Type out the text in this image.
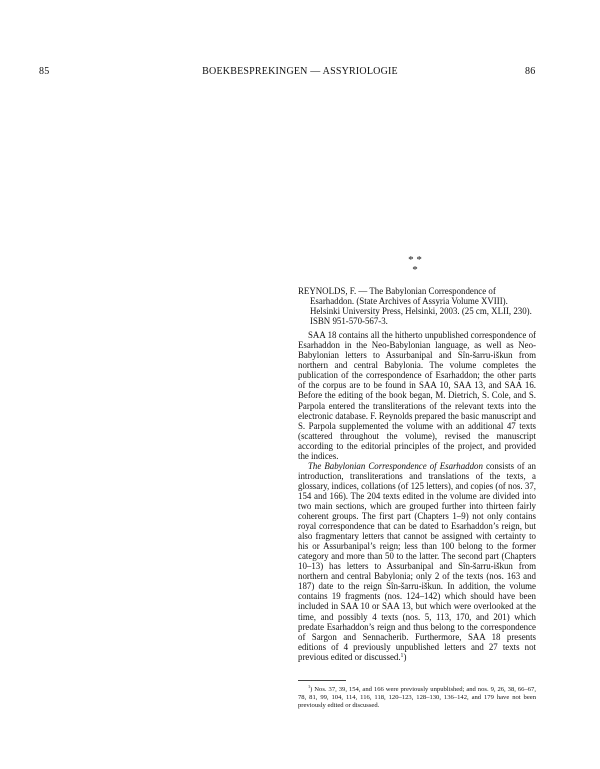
85	BOEKBESPREKINGEN — ASSYRIOLOGIE	86
* *
*

REYNOLDS, F. — The Babylonian Correspondence of Esarhaddon. (State Archives of Assyria Volume XVIII). Helsinki University Press, Helsinki, 2003. (25 cm, XLII, 230). ISBN 951-570-567-3.

SAA 18 contains all the hitherto unpublished correspondence of Esarhaddon in the Neo-Babylonian language, as well as Neo-Babylonian letters to Assurbanipal and Sîn-šarru-iškun from northern and central Babylonia. The volume completes the publication of the correspondence of Esarhaddon; the other parts of the corpus are to be found in SAA 10, SAA 13, and SAA 16. Before the editing of the book began, M. Dietrich, S. Cole, and S. Parpola entered the transliterations of the relevant texts into the electronic database. F. Reynolds prepared the basic manuscript and S. Parpola supplemented the volume with an additional 47 texts (scattered throughout the volume), revised the manuscript according to the editorial principles of the project, and provided the indices.

The Babylonian Correspondence of Esarhaddon consists of an introduction, transliterations and translations of the texts, a glossary, indices, collations (of 125 letters), and copies (of nos. 37, 154 and 166). The 204 texts edited in the volume are divided into two main sections, which are grouped further into thirteen fairly coherent groups. The first part (Chapters 1–9) not only contains royal correspondence that can be dated to Esarhaddon’s reign, but also fragmentary letters that cannot be assigned with certainty to his or Assurbanipal’s reign; less than 100 belong to the former category and more than 50 to the latter. The second part (Chapters 10–13) has letters to Assurbanipal and Sîn-šarru-iškun from northern and central Babylonia; only 2 of the texts (nos. 163 and 187) date to the reign Sîn-šarru-iškun. In addition, the volume contains 19 fragments (nos. 124–142) which should have been included in SAA 10 or SAA 13, but which were overlooked at the time, and possibly 4 texts (nos. 5, 113, 170, and 201) which predate Esarhaddon’s reign and thus belong to the correspondence of Sargon and Sennacherib. Furthermore, SAA 18 presents editions of 4 previously unpublished letters and 27 texts not previous edited or discussed.$^1$)

$^1$) Nos. 37, 39, 154, and 166 were previously unpublished; and nos. 9, 26, 38, 66–67, 78, 81, 99, 104, 114, 116, 118, 120–123, 128–130, 136–142, and 179 have not been previously edited or discussed.
